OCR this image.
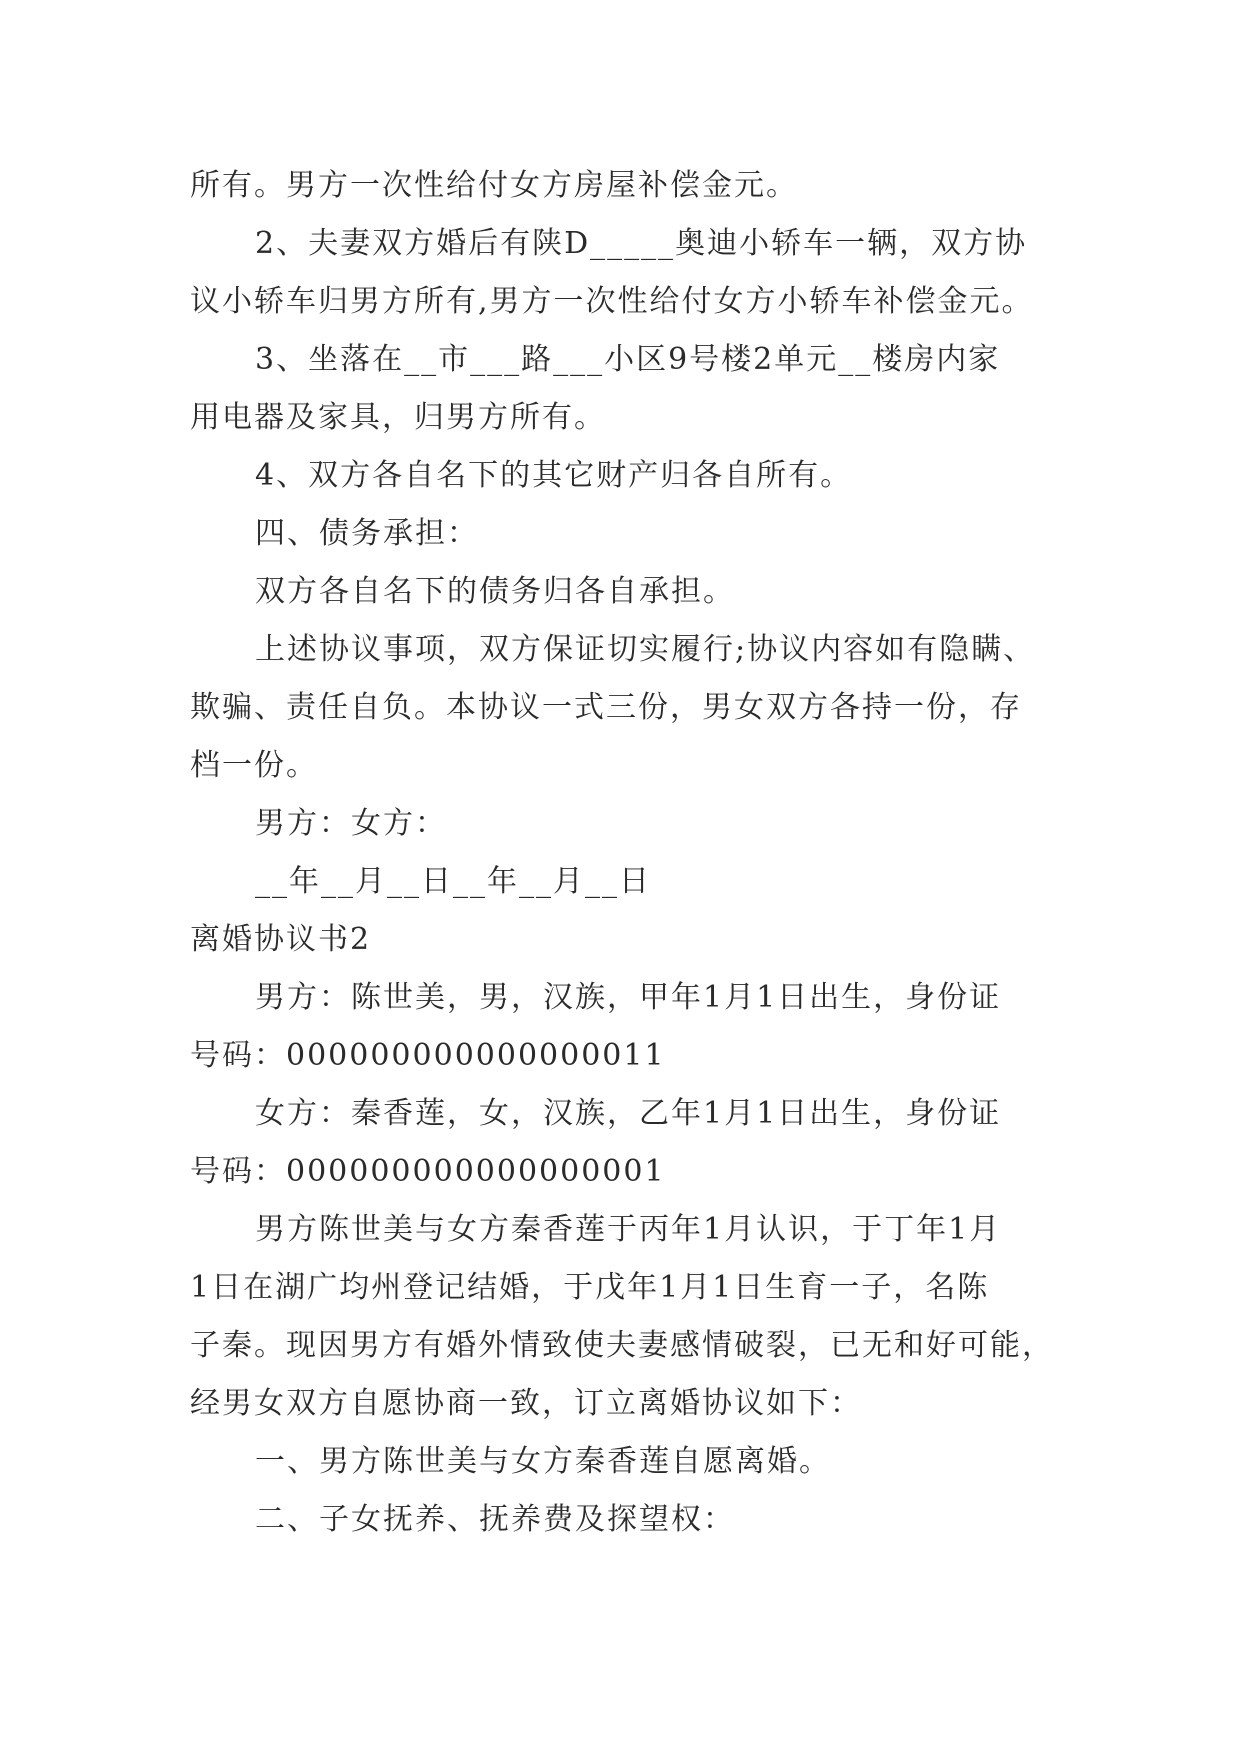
所有。男方一次性给付女方房屋补偿金元。
2、夫妻双方婚后有陕D_____奥迪小轿车一辆，双方协
议小轿车归男方所有,男方一次性给付女方小轿车补偿金元。
3、坐落在__市___路___小区9号楼2单元__楼房内家
用电器及家具，归男方所有。
4、双方各自名下的其它财产归各自所有。
四、债务承担：
双方各自名下的债务归各自承担。
上述协议事项，双方保证切实履行;协议内容如有隐瞒、
欺骗、责任自负。本协议一式三份，男女双方各持一份，存
档一份。
男方：女方：
__年__月__日__年__月__日
离婚协议书2
男方：陈世美，男，汉族，甲年1月1日出生，身份证
号码：000000000000000011
女方：秦香莲，女，汉族，乙年1月1日出生，身份证
号码：000000000000000001
男方陈世美与女方秦香莲于丙年1月认识，于丁年1月
1日在湖广均州登记结婚，于戊年1月1日生育一子，名陈
子秦。现因男方有婚外情致使夫妻感情破裂，已无和好可能，
经男女双方自愿协商一致，订立离婚协议如下：
一、男方陈世美与女方秦香莲自愿离婚。
二、子女抚养、抚养费及探望权：
